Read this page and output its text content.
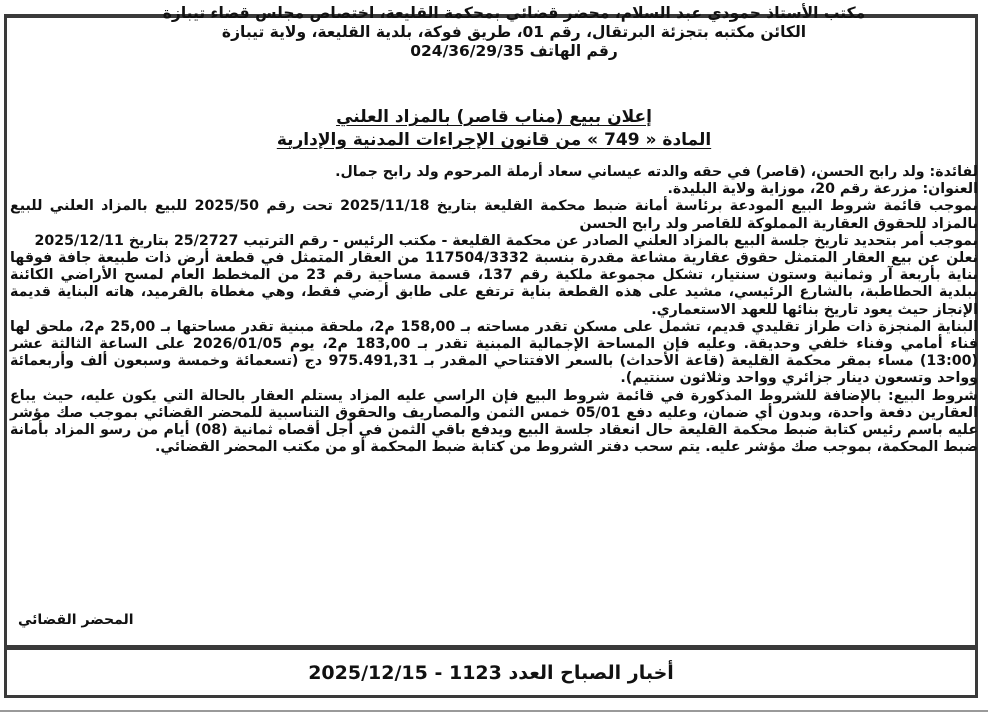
مكتب الأستاذ حمودي عبد السلام، محضر قضائي بمحكمة القليعة، اختصاص مجلس قضاء تيبازة
الكائن مكتبه بتجزئة البرتقال، رقم 01، طريق فوكة، بلدية القليعة، ولاية تيبازة
رقم الهاتف 024/36/29/35
إعلان ببيع (مناب قاصر) بالمزاد العلني
المادة « 749 » من قانون الإجراءات المدنية والإدارية

لفائدة: ولد رابح الحسن، (قاصر) في حقه والدته عيساني سعاد أرملة المرحوم ولد رابح جمال.

العنوان: مزرعة رقم 20، موزاية ولاية البليدة.

بموجب قائمة شروط البيع المودعة برئاسة أمانة ضبط محكمة القليعة بتاريخ 2025/11/18 تحت رقم 2025/50 للبيع بالمزاد العلني للبيع بالمزاد للحقوق العقارية المملوكة للقاصر ولد رابح الحسن

بموجب أمر بتحديد تاريخ جلسة البيع بالمزاد العلني الصادر عن محكمة القليعة - مكتب الرئيس - رقم الترتيب 25/2727 بتاريخ 2025/12/11

نعلن عن بيع العقار المتمثل حقوق عقارية مشاعة مقدرة بنسبة 117504/3332 من العقار المتمثل في قطعة أرض ذات طبيعة جافة فوقها بناية بأربعة آر وثمانية وستون سنتيار، تشكل مجموعة ملكية رقم 137، قسمة مساحية رقم 23 من المخطط العام لمسح الأراضي الكائنة ببلدية الحطاطبة، بالشارع الرئيسي، مشيد على هذه القطعة بناية ترتفع على طابق أرضي فقط، وهي مغطاة بالقرميد، هاته البناية قديمة الإنجاز حيث يعود تاريخ بنائها للعهد الاستعماري.

البناية المنجزة ذات طراز تقليدي قديم، تشمل على مسكن تقدر مساحته بـ 158,00 م2، ملحقة مبنية تقدر مساحتها بـ 25,00 م2، ملحق لها فناء أمامي وفناء خلفي وحديقة. وعليه فإن المساحة الإجمالية المبنية تقدر بـ 183,00 م2، يوم 2026/01/05 على الساعة الثالثة عشر (13:00) مساء بمقر محكمة القليعة (قاعة الأحداث) بالسعر الافتتاحي المقدر بـ 975.491,31 دج (تسعمائة وخمسة وسبعون ألف وأربعمائة وواحد وتسعون دينار جزائري وواحد وثلاثون سنتيم).

شروط البيع: بالإضافة للشروط المذكورة في قائمة شروط البيع فإن الراسي عليه المزاد يستلم العقار بالحالة التي يكون عليه، حيث يباع العقارين دفعة واحدة، وبدون أي ضمان، وعليه دفع 05/01 خمس الثمن والمصاريف والحقوق التناسبية للمحضر القضائي بموجب صك مؤشر عليه باسم رئيس كتابة ضبط محكمة القليعة حال انعقاد جلسة البيع ويدفع باقي الثمن في أجل أقصاه ثمانية (08) أيام من رسو المزاد بأمانة ضبط المحكمة، بموجب صك مؤشر عليه. يتم سحب دفتر الشروط من كتابة ضبط المحكمة أو من مكتب المحضر القضائي.

المحضر القضائي
أخبار الصباح العدد 1123 - 2025/12/15
